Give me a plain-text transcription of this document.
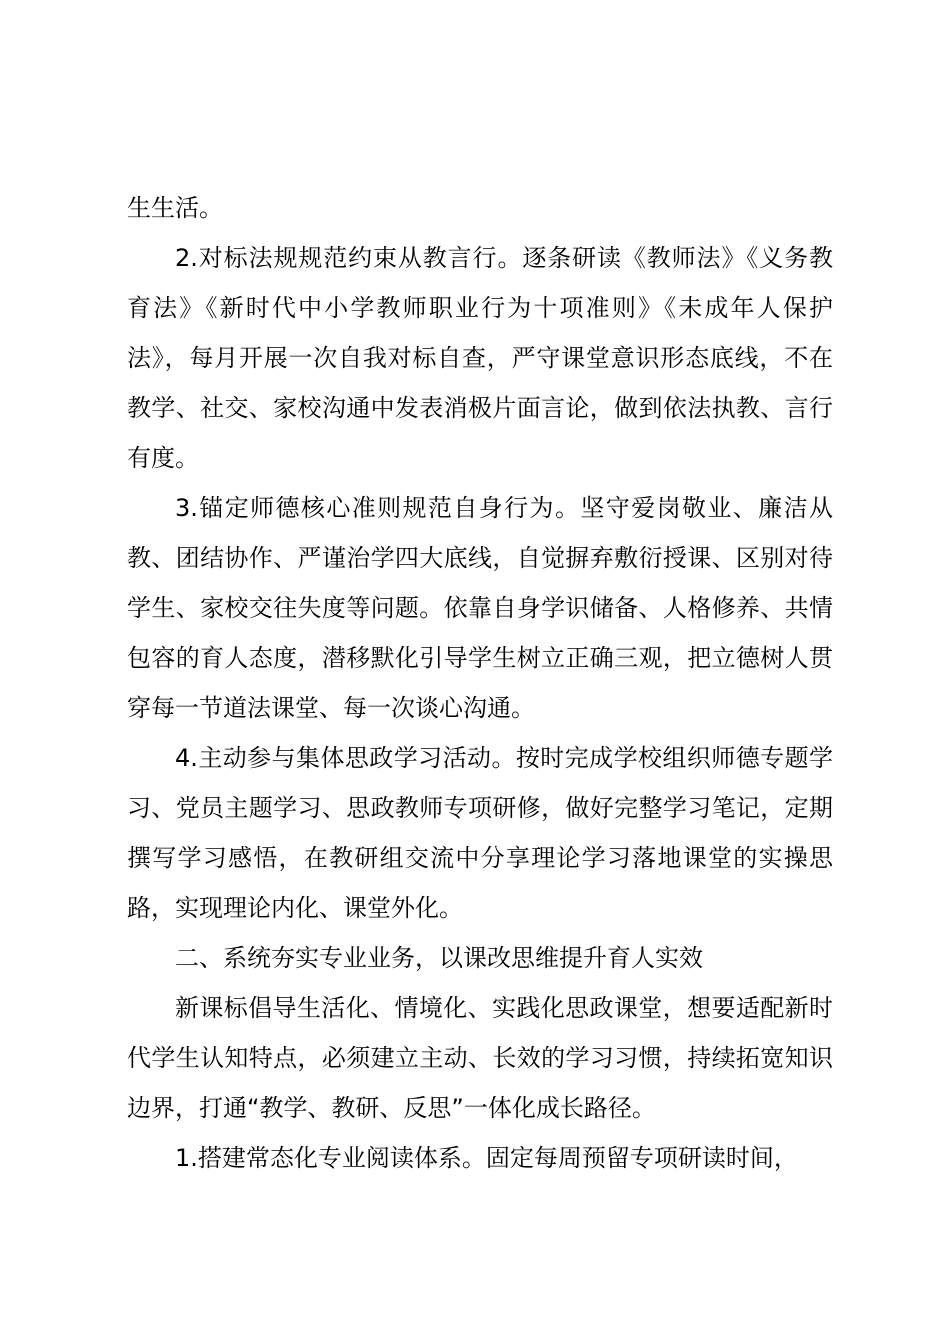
生生活。

2.对标法规规范约束从教言行。逐条研读《教师法》《义务教育法》《新时代中小学教师职业行为十项准则》《未成年人保护法》，每月开展一次自我对标自查，严守课堂意识形态底线，不在教学、社交、家校沟通中发表消极片面言论，做到依法执教、言行有度。

3.锚定师德核心准则规范自身行为。坚守爱岗敬业、廉洁从教、团结协作、严谨治学四大底线，自觉摒弃敷衍授课、区别对待学生、家校交往失度等问题。依靠自身学识储备、人格修养、共情包容的育人态度，潜移默化引导学生树立正确三观，把立德树人贯穿每一节道法课堂、每一次谈心沟通。

4.主动参与集体思政学习活动。按时完成学校组织师德专题学习、党员主题学习、思政教师专项研修，做好完整学习笔记，定期撰写学习感悟，在教研组交流中分享理论学习落地课堂的实操思路，实现理论内化、课堂外化。

二、系统夯实专业业务，以课改思维提升育人实效

新课标倡导生活化、情境化、实践化思政课堂，想要适配新时代学生认知特点，必须建立主动、长效的学习习惯，持续拓宽知识边界，打通“教学、教研、反思”一体化成长路径。

1.搭建常态化专业阅读体系。固定每周预留专项研读时间，
